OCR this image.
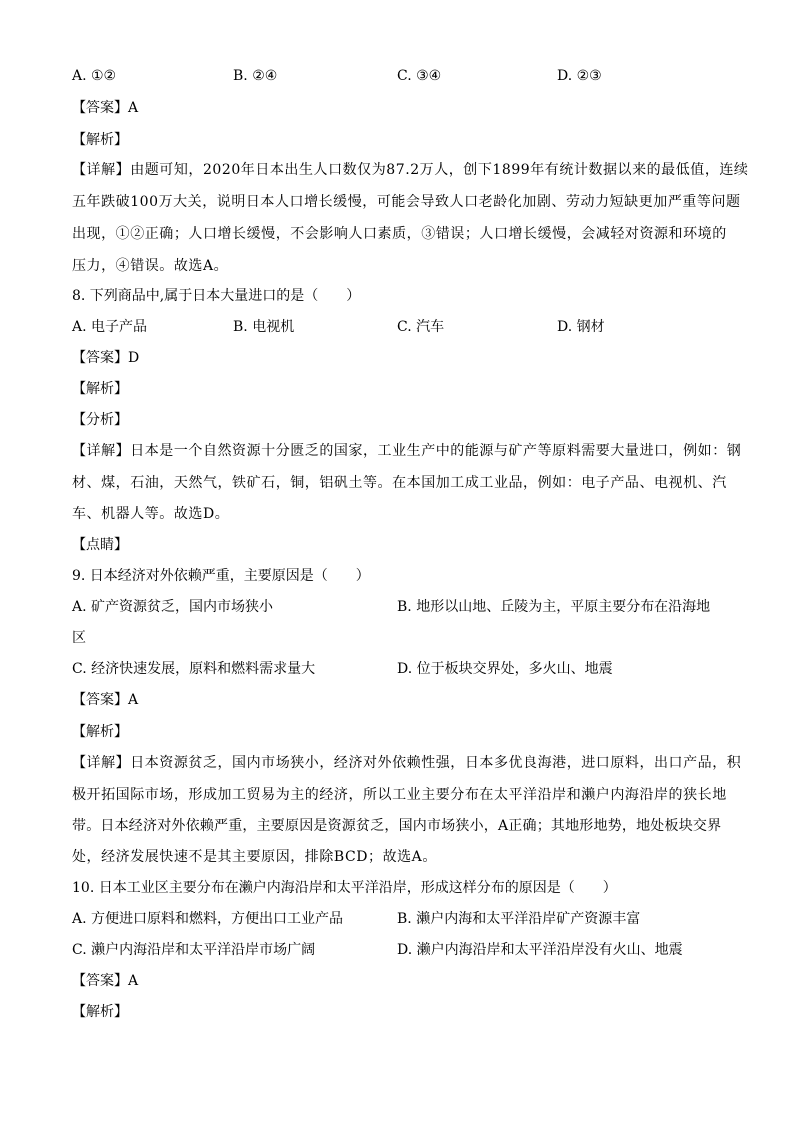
A. ①②	B. ②④	C. ③④	D. ②③
【答案】A
【解析】
【详解】由题可知，2020年日本出生人口数仅为87.2万人，创下1899年有统计数据以来的最低值，连续
五年跌破100万大关，说明日本人口增长缓慢，可能会导致人口老龄化加剧、劳动力短缺更加严重等问题
出现，①②正确；人口增长缓慢，不会影响人口素质，③错误；人口增长缓慢，会减轻对资源和环境的
压力，④错误。故选A。
8. 下列商品中,属于日本大量进口的是（　　）
A. 电子产品	B. 电视机	C. 汽车	D. 钢材
【答案】D
【解析】
【分析】
【详解】日本是一个自然资源十分匮乏的国家，工业生产中的能源与矿产等原料需要大量进口，例如：钢
材、煤，石油，天然气，铁矿石，铜，铝矾土等。在本国加工成工业品，例如：电子产品、电视机、汽
车、机器人等。故选D。
【点睛】
9. 日本经济对外依赖严重，主要原因是（　　）
A. 矿产资源贫乏，国内市场狭小	B. 地形以山地、丘陵为主，平原主要分布在沿海地
区
C. 经济快速发展，原料和燃料需求量大	D. 位于板块交界处，多火山、地震
【答案】A
【解析】
【详解】日本资源贫乏，国内市场狭小，经济对外依赖性强，日本多优良海港，进口原料，出口产品，积
极开拓国际市场，形成加工贸易为主的经济，所以工业主要分布在太平洋沿岸和濑户内海沿岸的狭长地
带。日本经济对外依赖严重，主要原因是资源贫乏，国内市场狭小，A正确；其地形地势，地处板块交界
处，经济发展快速不是其主要原因，排除BCD；故选A。
10. 日本工业区主要分布在濑户内海沿岸和太平洋沿岸，形成这样分布的原因是（　　）
A. 方便进口原料和燃料，方便出口工业产品	B. 濑户内海和太平洋沿岸矿产资源丰富
C. 濑户内海沿岸和太平洋沿岸市场广阔	D. 濑户内海沿岸和太平洋沿岸没有火山、地震
【答案】A
【解析】
